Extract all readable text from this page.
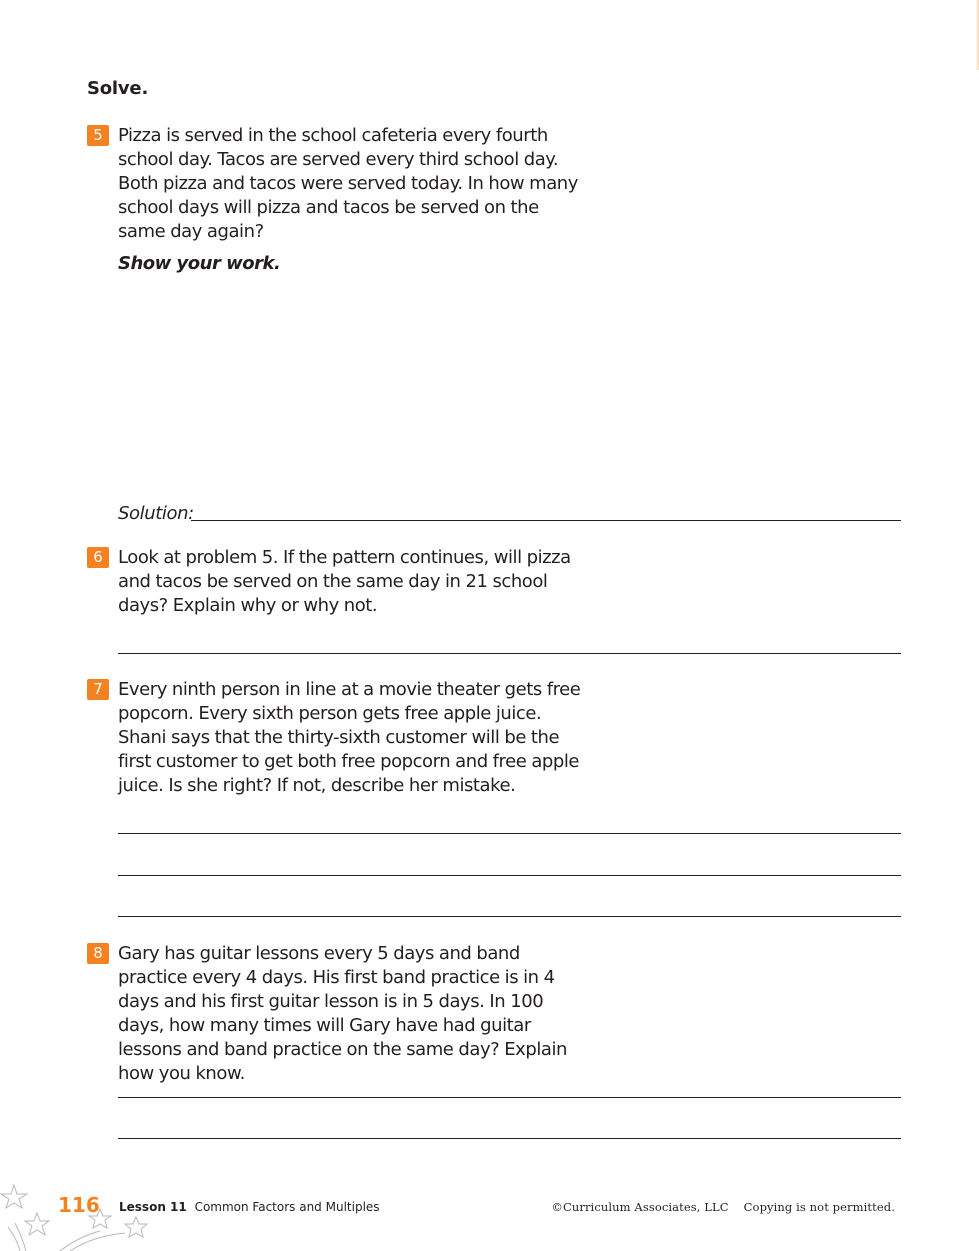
Solve.
5 Pizza is served in the school cafeteria every fourth school day. Tacos are served every third school day. Both pizza and tacos were served today. In how many school days will pizza and tacos be served on the same day again?

Show your work.
Solution:
6 Look at problem 5. If the pattern continues, will pizza and tacos be served on the same day in 21 school days? Explain why or why not.

7 Every ninth person in line at a movie theater gets free popcorn. Every sixth person gets free apple juice. Shani says that the thirty-sixth customer will be the first customer to get both free popcorn and free apple juice. Is she right? If not, describe her mistake.

8 Gary has guitar lessons every 5 days and band practice every 4 days. His first band practice is in 4 days and his first guitar lesson is in 5 days. In 100 days, how many times will Gary have had guitar lessons and band practice on the same day? Explain how you know.

116 Lesson 11 Common Factors and Multiples	©Curriculum Associates, LLC    Copying is not permitted.
